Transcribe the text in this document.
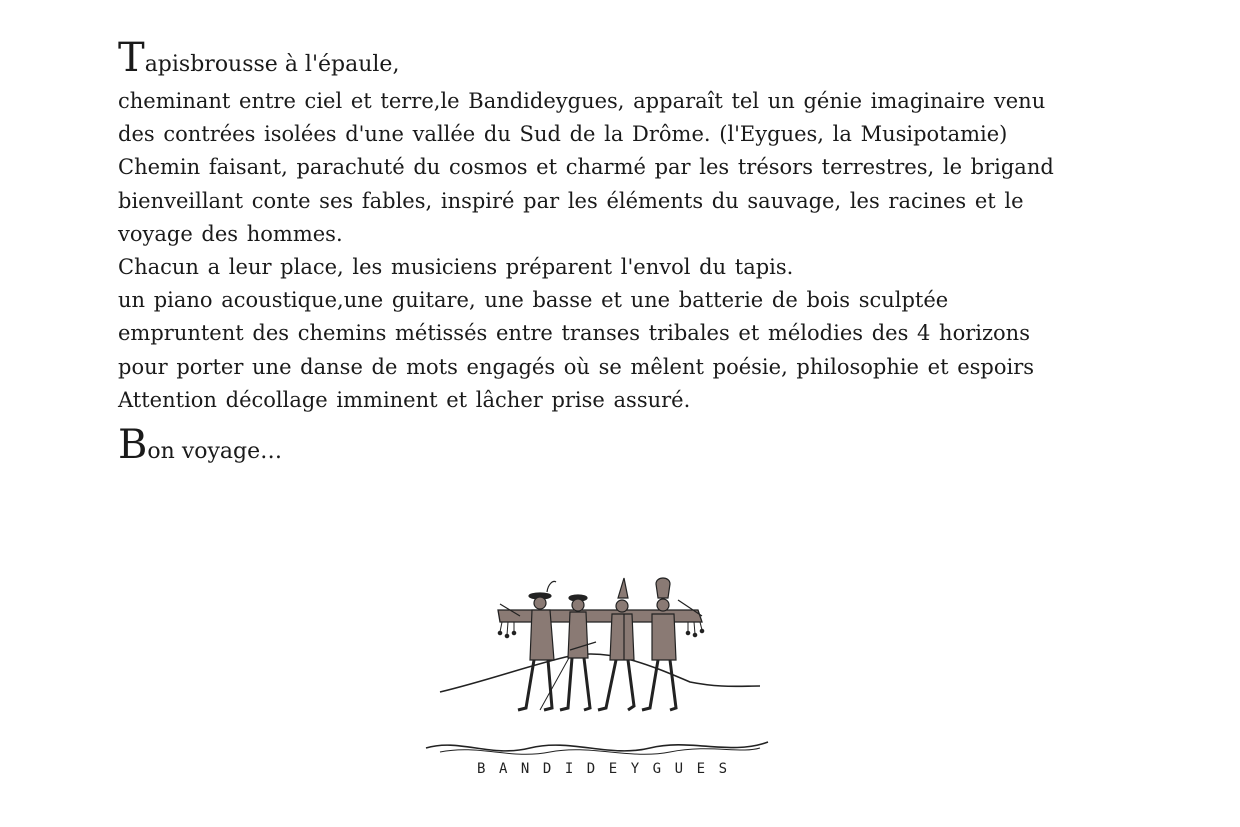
Tapisbrousse à l'épaule,

cheminant entre ciel et terre,le Bandideygues, apparaît tel un génie imaginaire venu

des contrées isolées d'une vallée du Sud de la Drôme. (l'Eygues, la Musipotamie)

Chemin faisant, parachuté du cosmos et charmé par les trésors terrestres, le brigand

bienveillant conte ses fables, inspiré par les éléments du sauvage, les racines et le

voyage des hommes.

Chacun a leur place, les musiciens préparent l'envol du tapis.

un piano acoustique,une guitare, une basse et une batterie de bois sculptée

empruntent des chemins métissés entre transes tribales et mélodies des 4 horizons

pour porter une danse de mots engagés où se mêlent poésie, philosophie et espoirs

Attention décollage imminent et lâcher prise assuré.

Bon voyage…

BANDIDEYGUES
